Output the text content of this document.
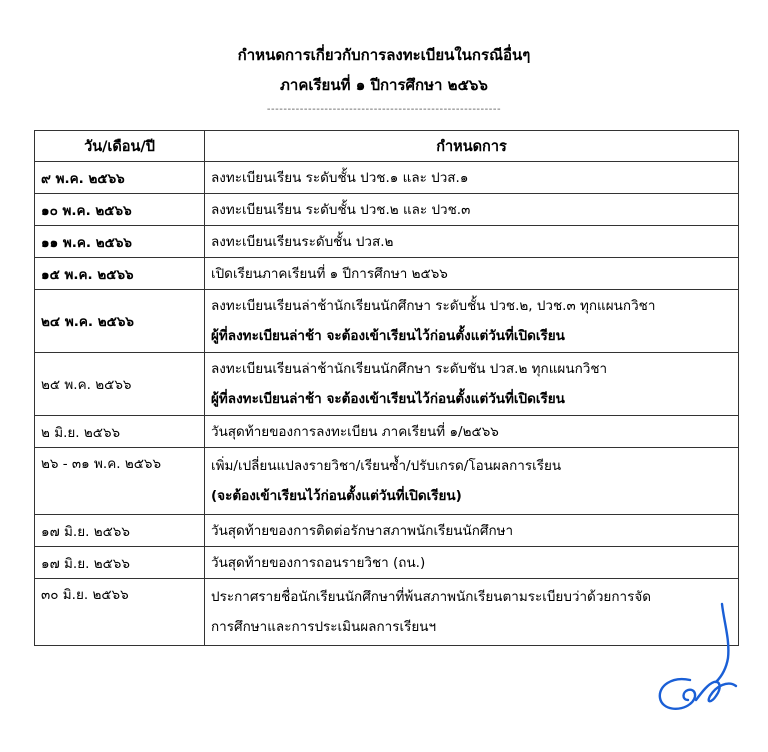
กำหนดการเกี่ยวกับการลงทะเบียนในกรณีอื่นๆ
ภาคเรียนที่ ๑ ปีการศึกษา ๒๕๖๖
---------------------------------------------------------
วัน/เดือน/ปี	กำหนดการ
๙ พ.ค. ๒๕๖๖	ลงทะเบียนเรียน ระดับชั้น ปวช.๑ และ ปวส.๑

๑๐ พ.ค. ๒๕๖๖	ลงทะเบียนเรียน ระดับชั้น ปวช.๒ และ ปวช.๓

๑๑ พ.ค. ๒๕๖๖	ลงทะเบียนเรียนระดับชั้น ปวส.๒

๑๕ พ.ค. ๒๕๖๖	เปิดเรียนภาคเรียนที่ ๑ ปีการศึกษา ๒๕๖๖

๒๔ พ.ค. ๒๕๖๖	ลงทะเบียนเรียนล่าช้านักเรียนนักศึกษา ระดับชั้น ปวช.๒, ปวช.๓ ทุกแผนกวิชา
ผู้ที่ลงทะเบียนล่าช้า จะต้องเข้าเรียนไว้ก่อนตั้งแต่วันที่เปิดเรียน

๒๕ พ.ค. ๒๕๖๖	ลงทะเบียนเรียนล่าช้านักเรียนนักศึกษา ระดับชัน ปวส.๒ ทุกแผนกวิชา
ผู้ที่ลงทะเบียนล่าช้า จะต้องเข้าเรียนไว้ก่อนตั้งแต่วันที่เปิดเรียน

๒ มิ.ย. ๒๕๖๖	วันสุดท้ายของการลงทะเบียน ภาคเรียนที่ ๑/๒๕๖๖

๒๖ - ๓๑ พ.ค. ๒๕๖๖	เพิ่ม/เปลี่ยนแปลงรายวิชา/เรียนซ้ำ/ปรับเกรด/โอนผลการเรียน
(จะต้องเข้าเรียนไว้ก่อนตั้งแต่วันที่เปิดเรียน)

๑๗ มิ.ย. ๒๕๖๖	วันสุดท้ายของการติดต่อรักษาสภาพนักเรียนนักศึกษา

๑๗ มิ.ย. ๒๕๖๖	วันสุดท้ายของการถอนรายวิชา (ถน.)

๓๐ มิ.ย. ๒๕๖๖	ประกาศรายชื่อนักเรียนนักศึกษาที่พ้นสภาพนักเรียนตามระเบียบว่าด้วยการจัด
การศึกษาและการประเมินผลการเรียนฯ
